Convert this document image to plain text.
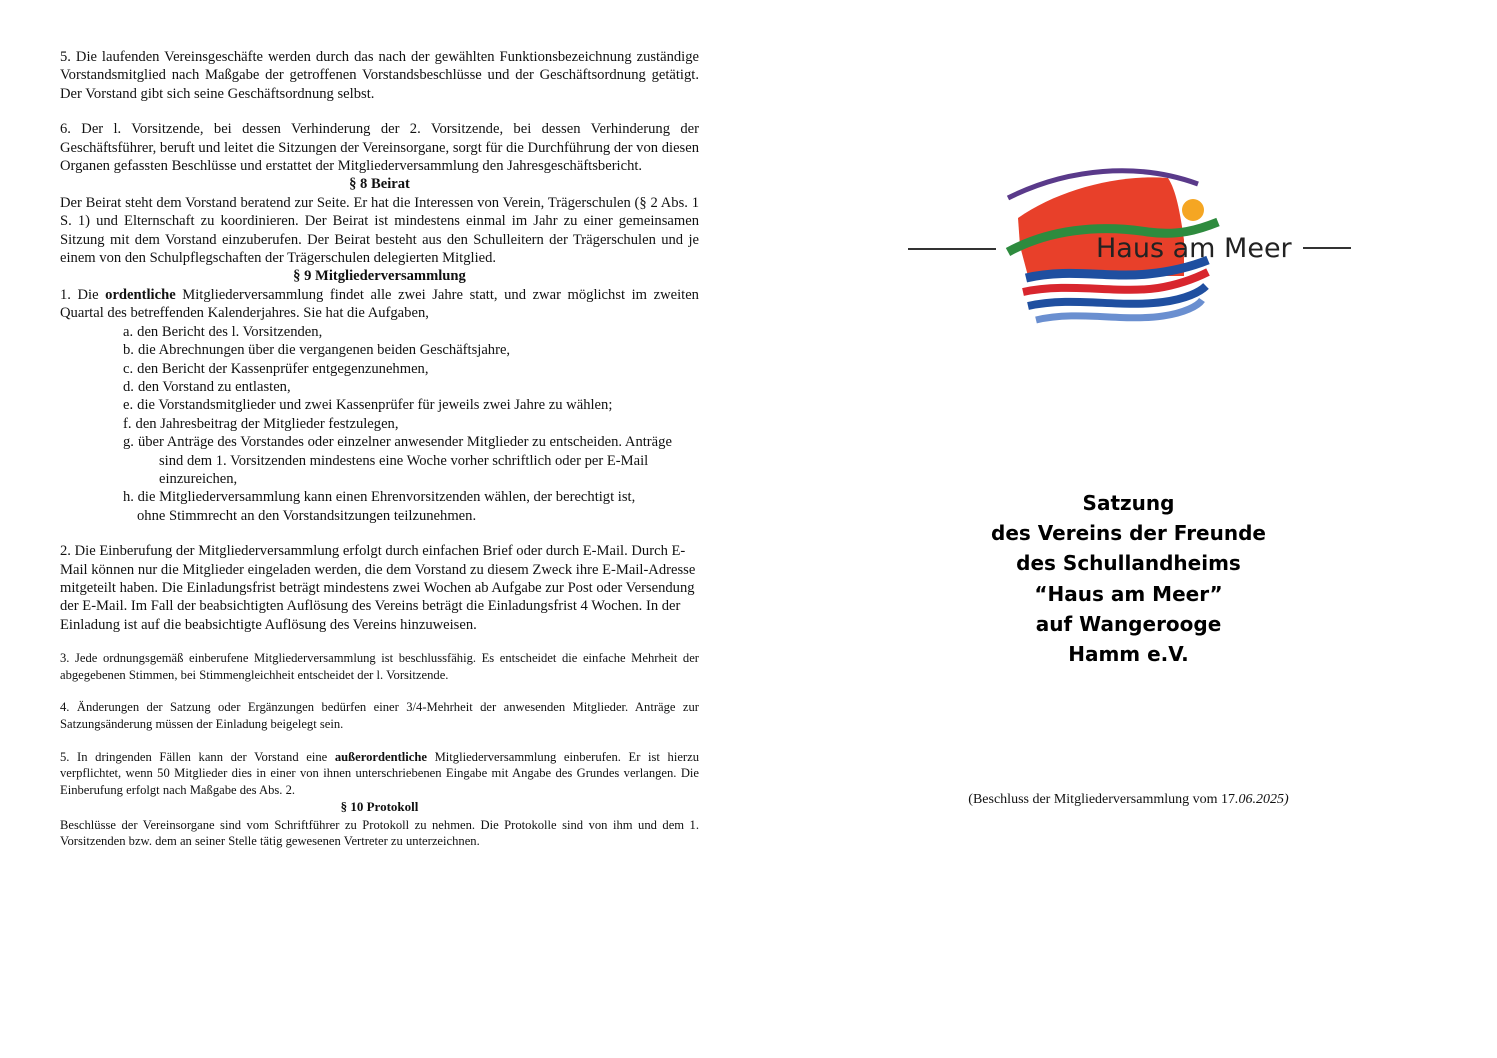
5. Die laufenden Vereinsgeschäfte werden durch das nach der gewählten Funktionsbezeichnung zuständige Vorstandsmitglied nach Maßgabe der getroffenen Vorstandsbeschlüsse und der Geschäftsordnung getätigt. Der Vorstand gibt sich seine Geschäftsordnung selbst.

6. Der l. Vorsitzende, bei dessen Verhinderung der 2. Vorsitzende, bei dessen Verhinderung der Geschäftsführer, beruft und leitet die Sitzungen der Vereinsorgane, sorgt für die Durchführung der von diesen Organen gefassten Beschlüsse und erstattet der Mitgliederversammlung den Jahresgeschäftsbericht.

§ 8 Beirat

Der Beirat steht dem Vorstand beratend zur Seite. Er hat die Interessen von Verein, Trägerschulen (§ 2 Abs. 1 S. 1) und Elternschaft zu koordinieren. Der Beirat ist mindestens einmal im Jahr zu einer gemeinsamen Sitzung mit dem Vorstand einzuberufen. Der Beirat besteht aus den Schulleitern der Trägerschulen und je einem von den Schulpflegschaften der Trägerschulen delegierten Mitglied.

§ 9 Mitgliederversammlung

1. Die ordentliche Mitgliederversammlung findet alle zwei Jahre statt, und zwar möglichst im zweiten Quartal des betreffenden Kalenderjahres. Sie hat die Aufgaben,

a. den Bericht des l. Vorsitzenden,
b. die Abrechnungen über die vergangenen beiden Geschäftsjahre,
c. den Bericht der Kassenprüfer entgegenzunehmen,
d. den Vorstand zu entlasten,
e. die Vorstandsmitglieder und zwei Kassenprüfer für jeweils zwei Jahre zu wählen;
f. den Jahresbeitrag der Mitglieder festzulegen,
g. über Anträge des Vorstandes oder einzelner anwesender Mitglieder zu entscheiden. Anträge
sind dem 1. Vorsitzenden mindestens eine Woche vorher schriftlich oder per E-Mail einzureichen,
h. die Mitgliederversammlung kann einen Ehrenvorsitzenden wählen, der berechtigt ist,
ohne Stimmrecht an den Vorstandsitzungen teilzunehmen.

2. Die Einberufung der Mitgliederversammlung erfolgt durch einfachen Brief oder durch E-Mail. Durch E-Mail können nur die Mitglieder eingeladen werden, die dem Vorstand zu diesem Zweck ihre E-Mail-Adresse mitgeteilt haben. Die Einladungsfrist beträgt mindestens zwei Wochen ab Aufgabe zur Post oder Versendung der E-Mail. Im Fall der beabsichtigten Auflösung des Vereins beträgt die Einladungsfrist 4 Wochen. In der Einladung ist auf die beabsichtigte Auflösung des Vereins hinzuweisen.

3. Jede ordnungsgemäß einberufene Mitgliederversammlung ist beschlussfähig. Es entscheidet die einfache Mehrheit der abgegebenen Stimmen, bei Stimmengleichheit entscheidet der l. Vorsitzende.

4. Änderungen der Satzung oder Ergänzungen bedürfen einer 3/4-Mehrheit der anwesenden Mitglieder. Anträge zur Satzungsänderung müssen der Einladung beigelegt sein.

5. In dringenden Fällen kann der Vorstand eine außerordentliche Mitgliederversammlung einberufen. Er ist hierzu verpflichtet, wenn 50 Mitglieder dies in einer von ihnen unterschriebenen Eingabe mit Angabe des Grundes verlangen. Die Einberufung erfolgt nach Maßgabe des Abs. 2.

§ 10 Protokoll

Beschlüsse der Vereinsorgane sind vom Schriftführer zu Protokoll zu nehmen. Die Protokolle sind von ihm und dem 1. Vorsitzenden bzw. dem an seiner Stelle tätig gewesenen Vertreter zu unterzeichnen.

Haus am Meer
Satzung
des Vereins der Freunde
des Schullandheims
“Haus am Meer”
auf Wangerooge
Hamm e.V.
(Beschluss der Mitgliederversammlung vom 17.06.2025)
